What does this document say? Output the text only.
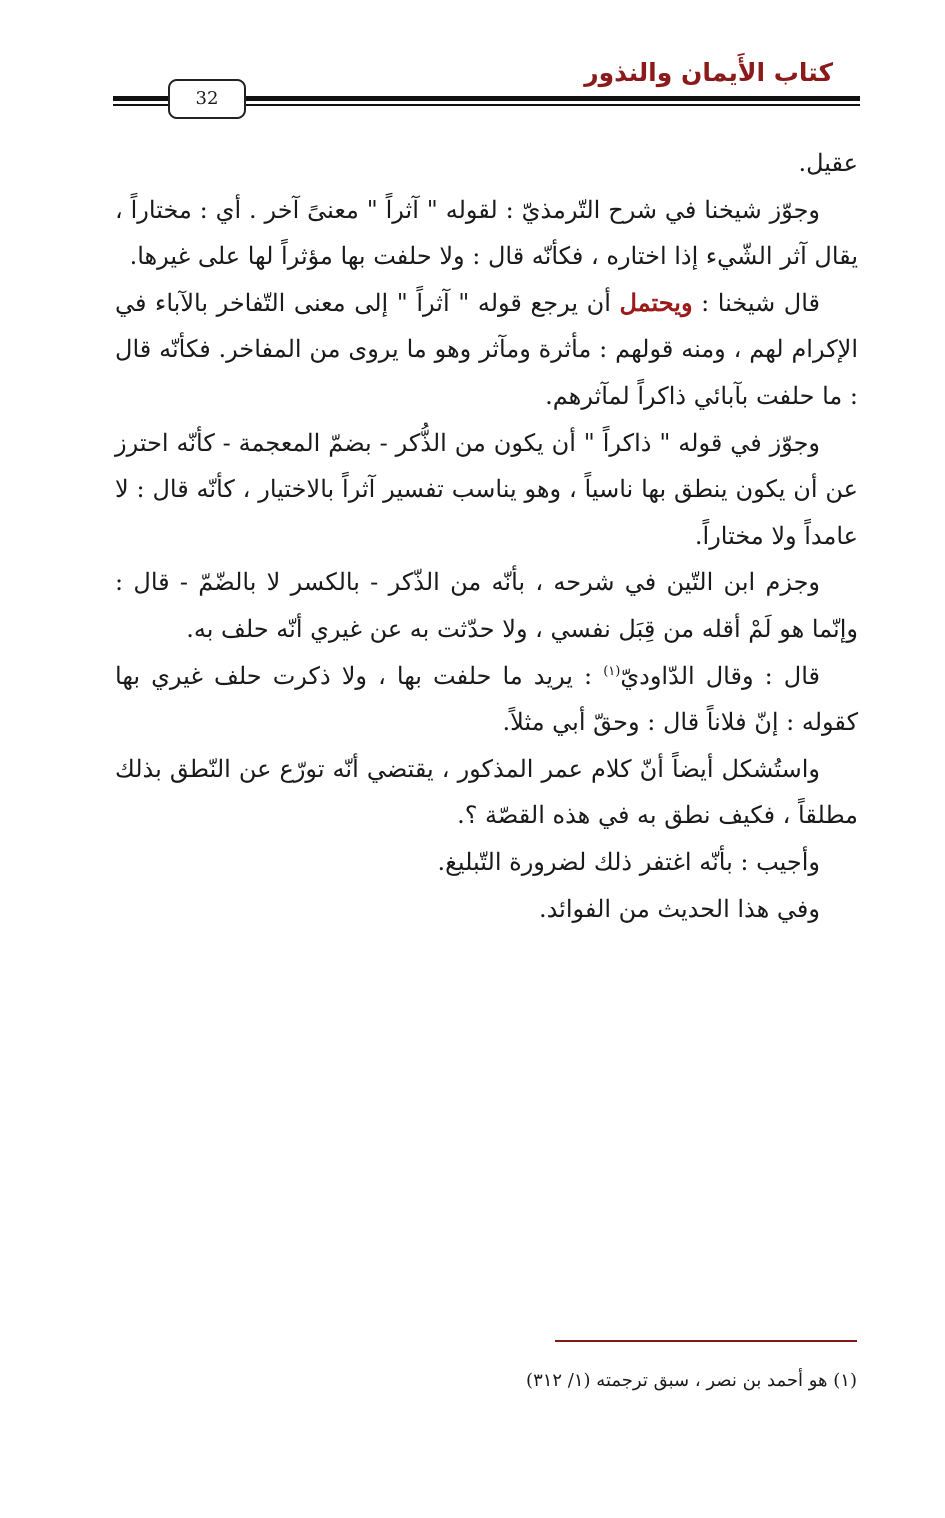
كتاب الأَيمان والنذور
32

عقيل.

وجوّز شيخنا في شرح التّرمذيّ : لقوله " آثراً " معنىً آخر . أي : مختاراً ، يقال آثر الشّيء إذا اختاره ، فكأنّه قال : ولا حلفت بها مؤثراً لها على غيرها.

قال شيخنا : ويحتمل أن يرجع قوله " آثراً " إلى معنى التّفاخر بالآباء في الإكرام لهم ، ومنه قولهم : مأثرة ومآثر وهو ما يروى من المفاخر. فكأنّه قال : ما حلفت بآبائي ذاكراً لمآثرهم.

وجوّز في قوله " ذاكراً " أن يكون من الذُّكر - بضمّ المعجمة - كأنّه احترز عن أن يكون ينطق بها ناسياً ، وهو يناسب تفسير آثراً بالاختيار ، كأنّه قال : لا عامداً ولا مختاراً.

وجزم ابن التّين في شرحه ، بأنّه من الذّكر - بالكسر لا بالضّمّ - قال : وإنّما هو لَمْ أقله من قِبَل نفسي ، ولا حدّثت به عن غيري أنّه حلف به.

قال : وقال الدّاوديّ$^{(١)}$ : يريد ما حلفت بها ، ولا ذكرت حلف غيري بها كقوله : إنّ فلاناً قال : وحقّ أبي مثلاً.

واستُشكل أيضاً أنّ كلام عمر المذكور ، يقتضي أنّه تورّع عن النّطق بذلك مطلقاً ، فكيف نطق به في هذه القصّة ؟.

وأجيب : بأنّه اغتفر ذلك لضرورة التّبليغ.

وفي هذا الحديث من الفوائد.

(١) هو أحمد بن نصر ، سبق ترجمته (١/ ٣١٢)
